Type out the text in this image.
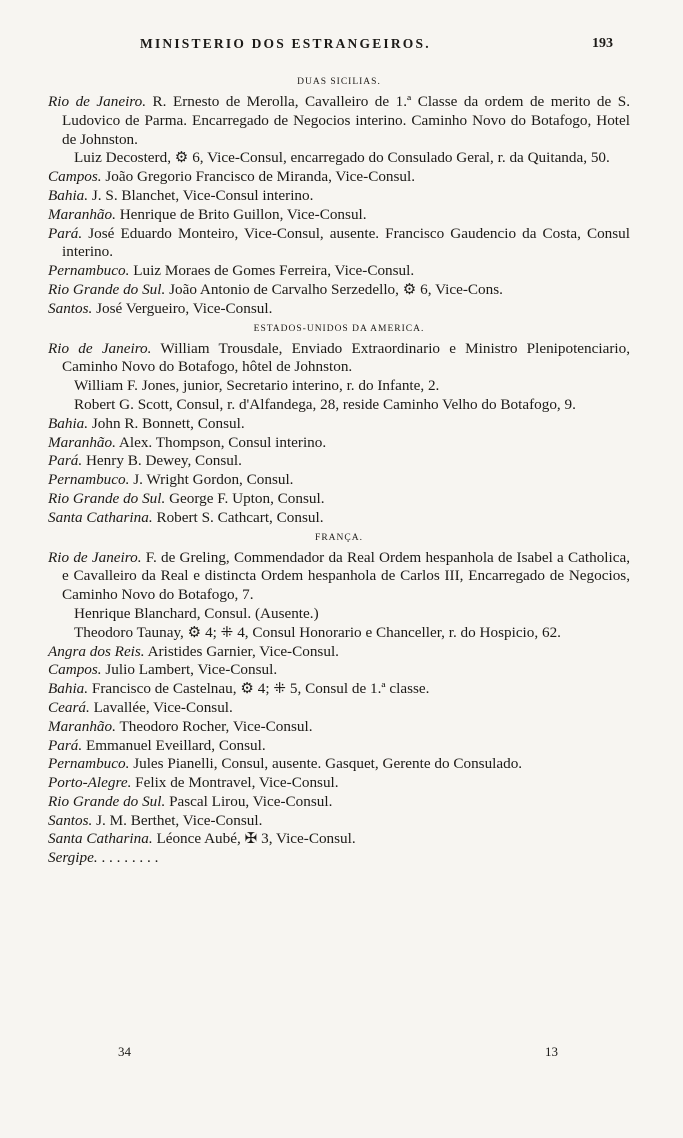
MINISTERIO DOS ESTRANGEIROS.	193
DUAS SICILIAS.
Rio de Janeiro. R. Ernesto de Merolla, Cavalleiro de 1.ª Classe da ordem de merito de S. Ludovico de Parma. Encarregado de Negocios interino. Caminho Novo do Botafogo, Hotel de Johnston.
Luiz Decosterd, ⚙ 6, Vice-Consul, encarregado do Consulado Geral, r. da Quitanda, 50.
Campos. João Gregorio Francisco de Miranda, Vice-Consul.
Bahia. J. S. Blanchet, Vice-Consul interino.
Maranhão. Henrique de Brito Guillon, Vice-Consul.
Pará. José Eduardo Monteiro, Vice-Consul, ausente. Francisco Gaudencio da Costa, Consul interino.
Pernambuco. Luiz Moraes de Gomes Ferreira, Vice-Consul.
Rio Grande do Sul. João Antonio de Carvalho Serzedello, ⚙ 6, Vice-Cons.
Santos. José Vergueiro, Vice-Consul.
ESTADOS-UNIDOS DA AMERICA.
Rio de Janeiro. William Trousdale, Enviado Extraordinario e Ministro Plenipotenciario, Caminho Novo do Botafogo, hôtel de Johnston.
William F. Jones, junior, Secretario interino, r. do Infante, 2.
Robert G. Scott, Consul, r. d'Alfandega, 28, reside Caminho Velho do Botafogo, 9.
Bahia. John R. Bonnett, Consul.
Maranhão. Alex. Thompson, Consul interino.
Pará. Henry B. Dewey, Consul.
Pernambuco. J. Wright Gordon, Consul.
Rio Grande do Sul. George F. Upton, Consul.
Santa Catharina. Robert S. Cathcart, Consul.
FRANÇA.
Rio de Janeiro. F. de Greling, Commendador da Real Ordem hespanhola de Isabel a Catholica, e Cavalleiro da Real e distincta Ordem hespanhola de Carlos III, Encarregado de Negocios, Caminho Novo do Botafogo, 7.
Henrique Blanchard, Consul. (Ausente.)
Theodoro Taunay, ⚙ 4; ⁜ 4, Consul Honorario e Chanceller, r. do Hospicio, 62.
Angra dos Reis. Aristides Garnier, Vice-Consul.
Campos. Julio Lambert, Vice-Consul.
Bahia. Francisco de Castelnau, ⚙ 4; ⁜ 5, Consul de 1.ª classe.
Ceará. Lavallée, Vice-Consul.
Maranhão. Theodoro Rocher, Vice-Consul.
Pará. Emmanuel Eveillard, Consul.
Pernambuco. Jules Pianelli, Consul, ausente. Gasquet, Gerente do Consulado.
Porto-Alegre. Felix de Montravel, Vice-Consul.
Rio Grande do Sul. Pascal Lirou, Vice-Consul.
Santos. J. M. Berthet, Vice-Consul.
Santa Catharina. Léonce Aubé, ✠ 3, Vice-Consul.
Sergipe. . . . . . . . .
34	13
